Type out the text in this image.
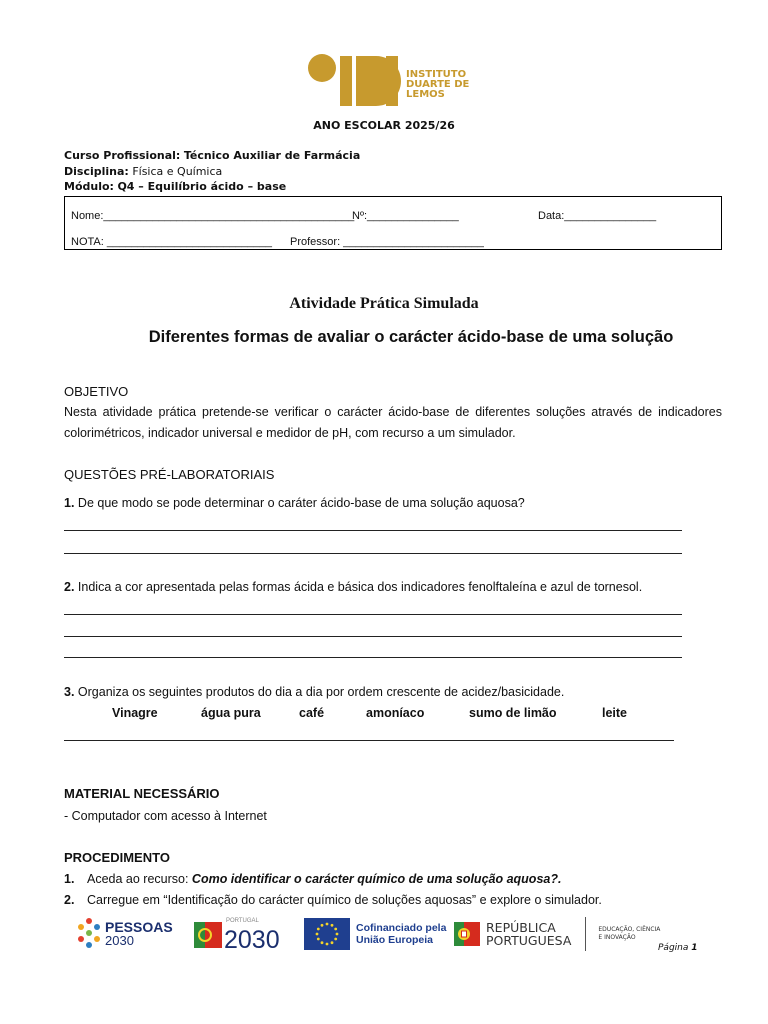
INSTITUTO
DUARTE DE
LEMOS
ANO ESCOLAR 2025/26
Curso Profissional: Técnico Auxiliar de Farmácia
Disciplina: Física e Química
Módulo: Q4 – Equilíbrio ácido – base
Nome:_________________________________________
Nº:_______________	Data:_______________
NOTA: ___________________________ Professor: _______________________
Atividade Prática Simulada
Diferentes formas de avaliar o carácter ácido-base de uma solução
OBJETIVO
Nesta atividade prática pretende-se verificar o carácter ácido-base de diferentes soluções através de indicadores colorimétricos, indicador universal e medidor de pH, com recurso a um simulador.
QUESTÕES PRÉ-LABORATORIAIS
1. De que modo se pode determinar o caráter ácido-base de uma solução aquosa?
2. Indica a cor apresentada pelas formas ácida e básica dos indicadores fenolftaleína e azul de tornesol.
3. Organiza os seguintes produtos do dia a dia por ordem crescente de acidez/basicidade.
Vinagre	água pura	café	amoníaco	sumo de limão	leite
MATERIAL NECESSÁRIO
- Computador com acesso à Internet
PROCEDIMENTO
1. Aceda ao recurso: Como identificar o carácter químico de uma solução aquosa?.
2. Carregue em “Identificação do carácter químico de soluções aquosas” e explore o simulador.
PESSOAS
2030
PORTUGAL
2030	Cofinanciado pela
União Europeia
REPÚBLICA
PORTUGUESA
EDUCAÇÃO, CIÊNCIA
E INOVAÇÃO
Página 1
